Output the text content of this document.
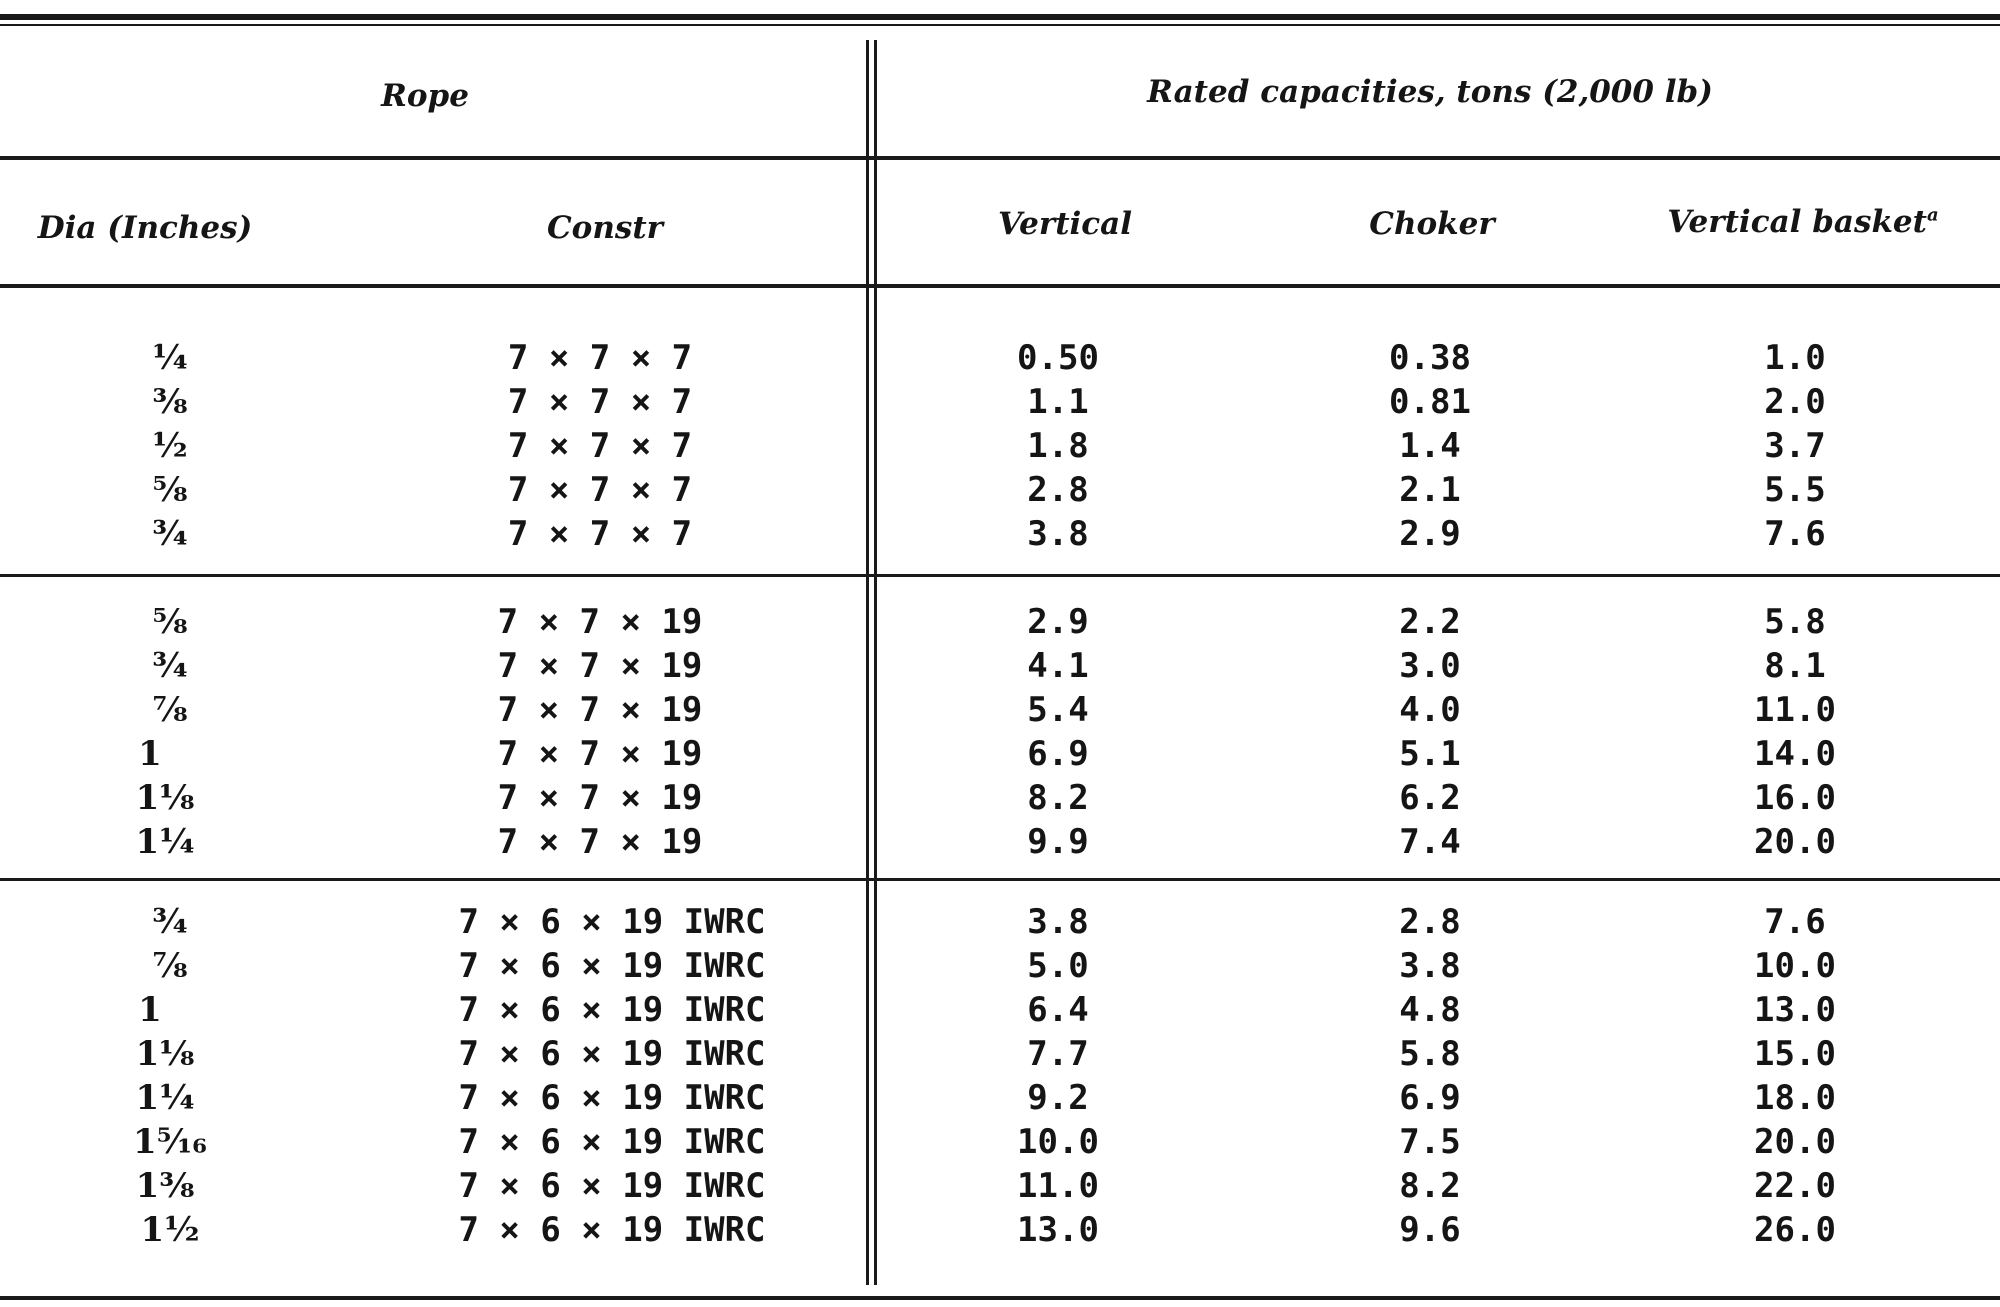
Rope	Rated capacities, tons (2,000 lb)
Dia (Inches)	Constr	Vertical	Choker	Vertical basket$^a$
¼	7 × 7 × 7	0.50	0.38	1.0
⅜	7 × 7 × 7	1.1	0.81	2.0
½	7 × 7 × 7	1.8	1.4	3.7
⅝	7 × 7 × 7	2.8	2.1	5.5
¾	7 × 7 × 7	3.8	2.9	7.6
⅝	7 × 7 × 19	2.9	2.2	5.8
¾	7 × 7 × 19	4.1	3.0	8.1
⅞	7 × 7 × 19	5.4	4.0	11.0
1	7 × 7 × 19	6.9	5.1	14.0
1⅛	7 × 7 × 19	8.2	6.2	16.0
1¼	7 × 7 × 19	9.9	7.4	20.0
¾	7 × 6 × 19 IWRC	3.8	2.8	7.6
⅞	7 × 6 × 19 IWRC	5.0	3.8	10.0
1	7 × 6 × 19 IWRC	6.4	4.8	13.0
1⅛	7 × 6 × 19 IWRC	7.7	5.8	15.0
1¼	7 × 6 × 19 IWRC	9.2	6.9	18.0
1⁵⁄₁₆	7 × 6 × 19 IWRC	10.0	7.5	20.0
1⅜	7 × 6 × 19 IWRC	11.0	8.2	22.0
1½	7 × 6 × 19 IWRC	13.0	9.6	26.0
